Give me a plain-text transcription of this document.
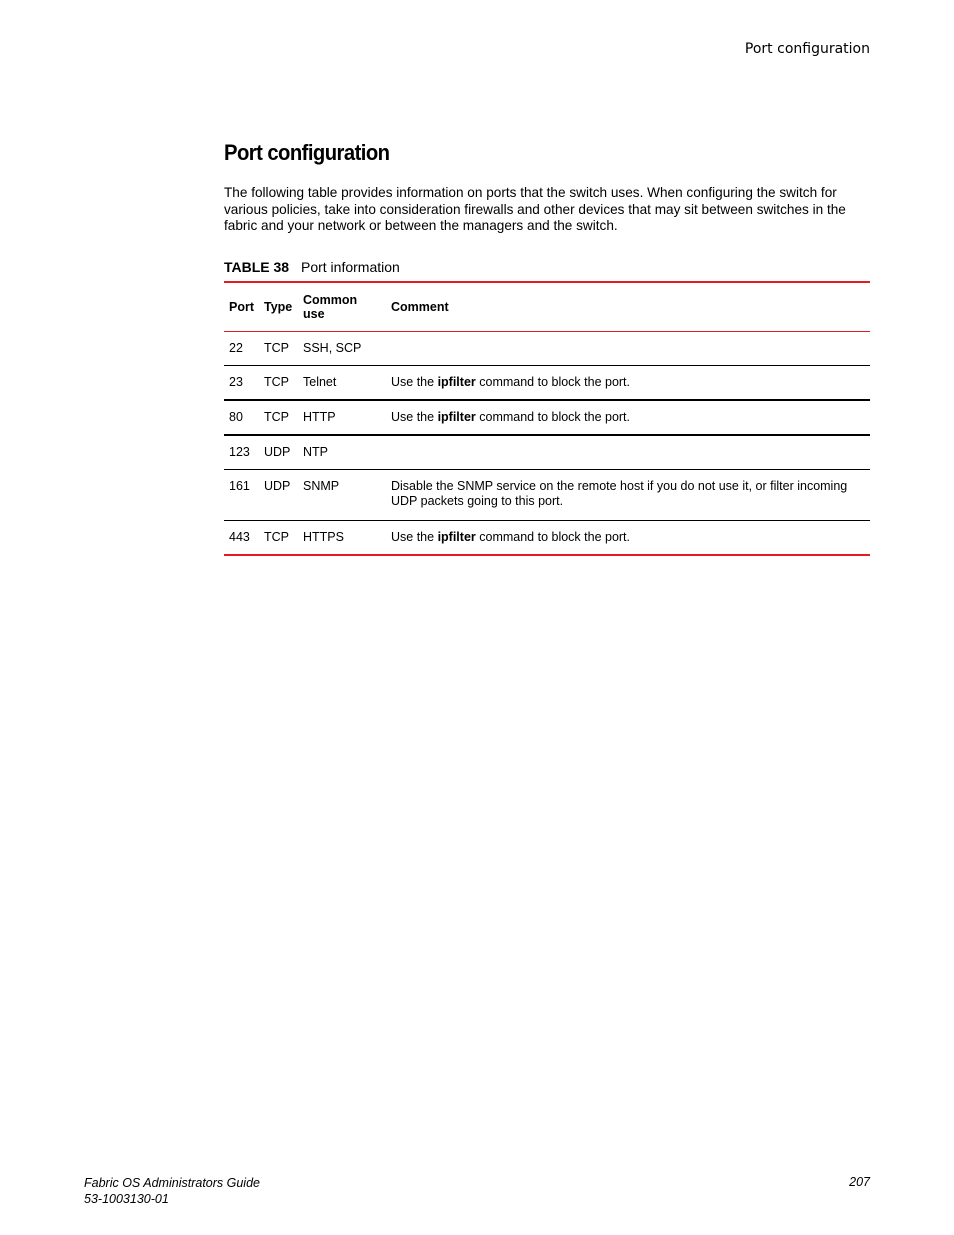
Port configuration
Port configuration

The following table provides information on ports that the switch uses. When configuring the switch for various policies, take into consideration firewalls and other devices that may sit between switches in the fabric and your network or between the managers and the switch.

TABLE 38 Port information
Port	Type	Common use	Comment
22	TCP	SSH, SCP	
23	TCP	Telnet	Use the ipfilter command to block the port.
80	TCP	HTTP	Use the ipfilter command to block the port.
123	UDP	NTP	
161	UDP	SNMP	Disable the SNMP service on the remote host if you do not use it, or filter incoming UDP packets going to this port.
443	TCP	HTTPS	Use the ipfilter command to block the port.
Fabric OS Administrators Guide
53-1003130-01
207
